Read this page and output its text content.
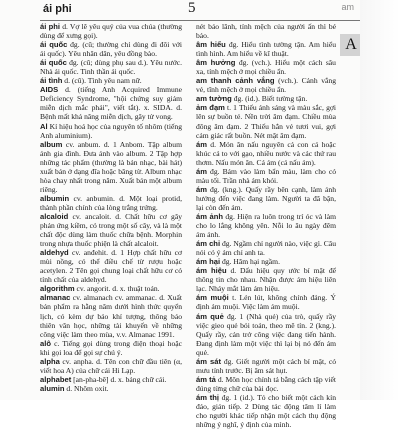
ái phi	5	am

ái phi d. Vợ lẽ yêu quý của vua chúa (thường dùng để xưng gọi).

ái quốc đg. (cũ; thường chỉ dùng đi đôi với ái quốc). Yêu nhân dân, yêu đồng bào.

ái quốc đg. (cũ; dùng phụ sau d.). Yêu nước. Nhà ái quốc. Tinh thần ái quốc.

ái tình d. (cũ). Tình yêu nam nữ.

AIDS d. (tiếng Anh Acquired Immune Deficiency Syndrome, "hội chứng suy giảm miễn dịch mắc phải", viết tắt). x. SIDA. d. Bệnh mất khả năng miễn dịch, gây tử vong.

Al Kí hiệu hoá học của nguyên tố nhôm (tiếng Anh aluminium).

album cv. anbum. d. 1 Anbom. Tập album ảnh gia đình. Đưa ảnh vào album. 2 Tập hợp những tác phẩm (thường là bản nhạc, bài hát) xuất bản ở dạng đĩa hoặc băng từ. Album nhạc hòa chay nhất trong năm. Xuất bản một album riêng.

albumin cv. anbumin. d. Một loại protid, thành phần chính của lòng trắng trứng.

alcaloid cv. ancaloit. d. Chất hữu cơ gây phản ứng kiềm, có trong một số cây, và là một chất độc dùng làm thuốc chữa bệnh. Morphin trong nhựa thuốc phiện là chất alcaloit.

aldehyd cv. anđehit. d. 1 Hợp chất hữu cơ mùi nồng, có thể điều chế từ rượu hoặc acetylen. 2 Tên gọi chung loại chất hữu cơ có tính chất của aldehyd.

algorithm cv. angorit. d. x. thuật toán.

almanac cv. almanach cv. ammanac. d. Xuất bản phẩm ra hằng năm dưới hình thức quyển lịch, có kèm dự báo khí tượng, thông báo thiên văn học, những tài khuyến về những công việc làm theo mùa, v.v. Almanac 1991.

alô c. Tiếng gọi dùng trong điện thoại hoặc khi gọi loa để gọi sự chú ý.

alpha cv. anpha. d. Tên con chữ đầu tiên (α, viết hoa A) của chữ cái Hi Lạp.

alphabet [an-pha-bê] d. x. bảng chữ cái.

alumin d. Nhôm oxit.

nét bảo lãnh, tính mệch của người ấn thì bé bảo.

âm hiểu đg. Hiểu tình tường tận. Am hiểu tình hình. Am hiểu về kĩ thuật.

âm hưởng đg. (vch.). Hiểu một cách sâu xa, tính mệch ở mọi chiều ẩn.

am thanh cảnh vắng (vch.). Cảnh vắng vẻ, tĩnh mệch ở mọi chiều ẩn.

am tường đg. (id.). Biết tường tận.

ảm đạm t. 1 Thiếu ánh sáng và màu sắc, gợi lên sự buồn tẻ. Nền trời âm đạm. Chiều mùa đông âm đạm. 2 Thiếu hẳn vẻ tươi vui, gợi cảm giác rất buồn. Nét mặt âm đạm.

ám d. Món ăn nấu nguyên cả con cá hoặc khúc cá to với gạo, nhiều nước và các thứ rau thơm. Nấu món ăn. Cá ám (cá nấu ám).

ám đg. Bám vào làm bẩn màu, làm cho có màu tối. Trần nhà ám khói.

ám đg. (kng.). Quấy rầy bên cạnh, làm ảnh hưởng đến việc đang làm. Người ta đã bận, lại còn đến ám.

ám ảnh đg. Hiện ra luôn trong trí óc và làm cho lo lắng không yên. Nỗi lo âu ngày đêm ám ảnh.

ám chỉ đg. Ngầm chỉ người nào, việc gì. Câu nói có ý ám chỉ anh ta.

ám hại đg. Hãm hại ngầm.

ám hiệu d. Dấu hiệu quy ước bí mật để thông tin cho nhau. Nhận được ám hiệu liên lạc. Nháy mắt làm ám hiệu.

ám muội t. Lén lút, không chính đáng. Ý định ám muội. Việc làm ám muội.

ám quẻ đg. 1 (Nhà quẻ) của trò, quấy rầy việc gieo quẻ bói toán, theo mê tín. 2 (kng.). Quấy rầy, cản trở công việc đang tiến hành. Đang định làm một việc thì lại bị nó đến ám quẻ.

ám sát đg. Giết người một cách bí mật, có mưu tính trước. Bị âm sát hụt.

ám tả d. Môn học chính tả bằng cách tập viết đúng từng chữ của bài đọc.

ám thị đg. 1 (id.). Tỏ cho biết một cách kín đáo, gián tiếp. 2 Dùng tác động tâm lí làm cho người khác tiếp nhận một cách thụ động những ý nghĩ, ý định của mình.

A
